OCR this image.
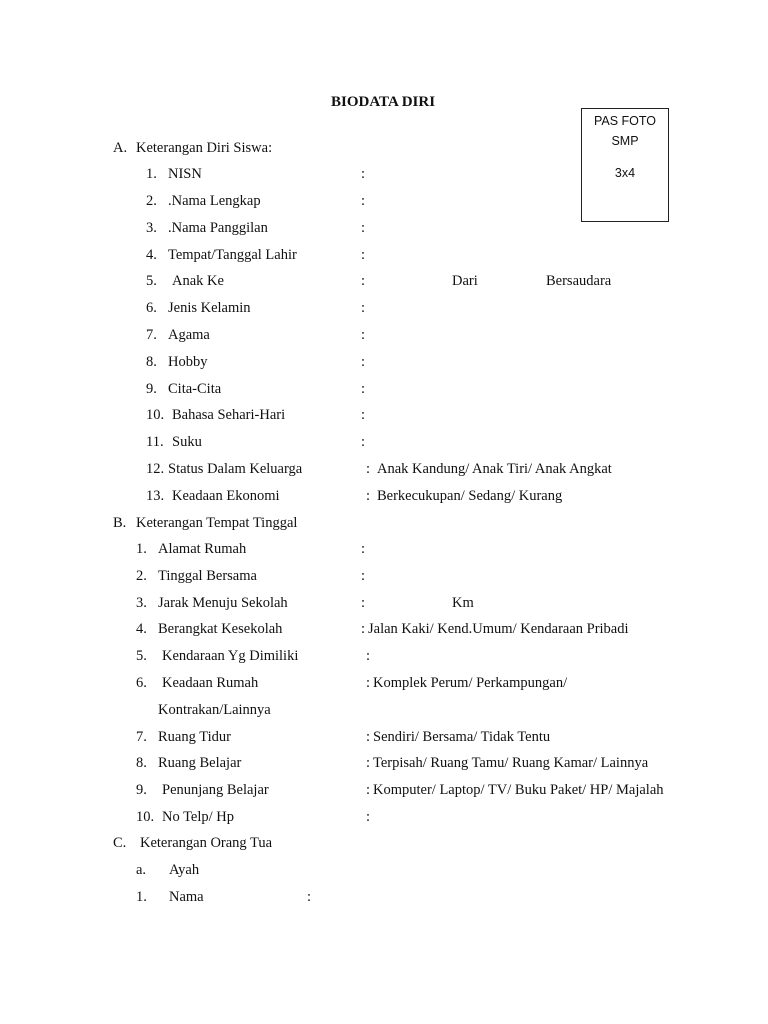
BIODATA DIRI
PAS FOTO
SMP
3x4
A. Keterangan Diri Siswa:
1. NISN	:
2. .Nama Lengkap	:
3. .Nama Panggilan	:
4. Tempat/Tanggal Lahir	:
5. Anak Ke	:	Dari	Bersaudara
6. Jenis Kelamin	:
7. Agama	:
8. Hobby	:
9. Cita-Cita	:
10. Bahasa Sehari-Hari	:
11. Suku	:
12. Status Dalam Keluarga	: Anak Kandung/ Anak Tiri/ Anak Angkat
13. Keadaan Ekonomi	: Berkecukupan/ Sedang/ Kurang
B. Keterangan Tempat Tinggal
1. Alamat Rumah	:
2. Tinggal Bersama	:
3. Jarak Menuju Sekolah	:	Km
4. Berangkat Kesekolah	: Jalan Kaki/ Kend.Umum/ Kendaraan Pribadi
5. Kendaraan Yg Dimiliki	:
6. Keadaan Rumah	: Komplek Perum/ Perkampungan/
Kontrakan/Lainnya
7. Ruang Tidur	: Sendiri/ Bersama/ Tidak Tentu
8. Ruang Belajar	: Terpisah/ Ruang Tamu/ Ruang Kamar/ Lainnya
9. Penunjang Belajar	: Komputer/ Laptop/ TV/ Buku Paket/ HP/ Majalah
10. No Telp/ Hp	:
C. Keterangan Orang Tua
a. Ayah
1. Nama	:
